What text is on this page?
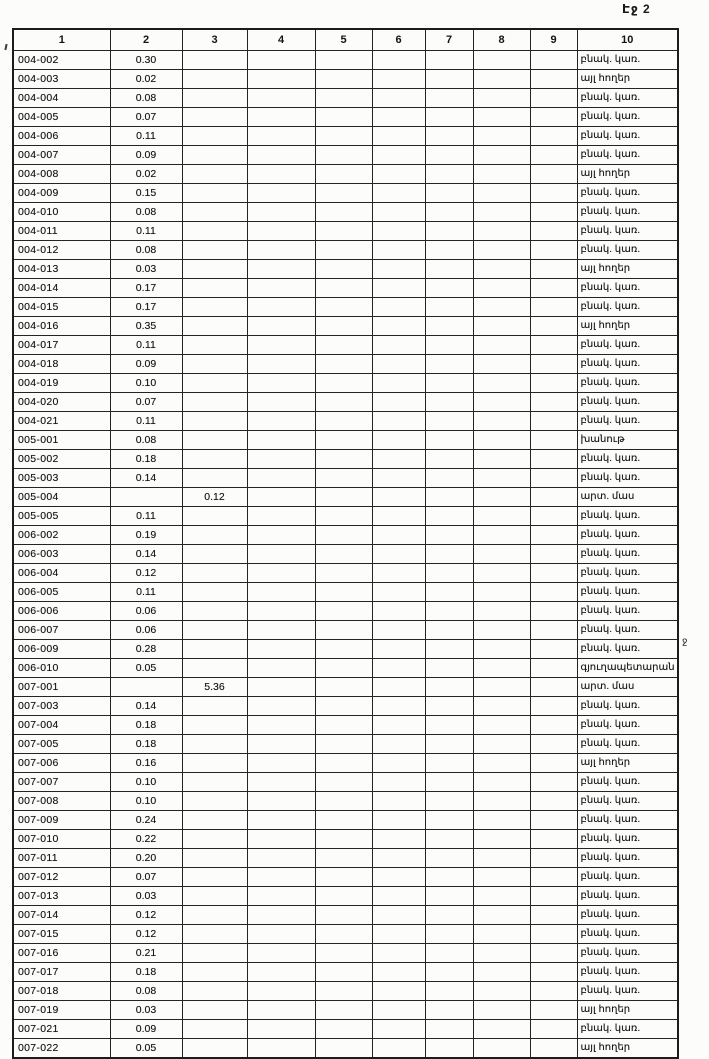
Էջ 2
1	2	3	4	5	6	7	8	9	10
004-002	0.30								բնակ. կառ.
004-003	0.02								այլ հողեր
004-004	0.08								բնակ. կառ.
004-005	0.07								բնակ. կառ.
004-006	0.11								բնակ. կառ.
004-007	0.09								բնակ. կառ.
004-008	0.02								այլ հողեր
004-009	0.15								բնակ. կառ.
004-010	0.08								բնակ. կառ.
004-011	0.11								բնակ. կառ.
004-012	0.08								բնակ. կառ.
004-013	0.03								այլ հողեր
004-014	0.17								բնակ. կառ.
004-015	0.17								բնակ. կառ.
004-016	0.35								այլ հողեր
004-017	0.11								բնակ. կառ.
004-018	0.09								բնակ. կառ.
004-019	0.10								բնակ. կառ.
004-020	0.07								բնակ. կառ.
004-021	0.11								բնակ. կառ.
005-001	0.08								խանութ
005-002	0.18								բնակ. կառ.
005-003	0.14								բնակ. կառ.
005-004		0.12							արտ. մաս
005-005	0.11								բնակ. կառ.
006-002	0.19								բնակ. կառ.
006-003	0.14								բնակ. կառ.
006-004	0.12								բնակ. կառ.
006-005	0.11								բնակ. կառ.
006-006	0.06								բնակ. կառ.
006-007	0.06								բնակ. կառ.
006-009	0.28								բնակ. կառ.
006-010	0.05								գյուղապետարան
007-001		5.36							արտ. մաս
007-003	0.14								բնակ. կառ.
007-004	0.18								բնակ. կառ.
007-005	0.18								բնակ. կառ.
007-006	0.16								այլ հողեր
007-007	0.10								բնակ. կառ.
007-008	0.10								բնակ. կառ.
007-009	0.24								բնակ. կառ.
007-010	0.22								բնակ. կառ.
007-011	0.20								բնակ. կառ.
007-012	0.07								բնակ. կառ.
007-013	0.03								բնակ. կառ.
007-014	0.12								բնակ. կառ.
007-015	0.12								բնակ. կառ.
007-016	0.21								բնակ. կառ.
007-017	0.18								բնակ. կառ.
007-018	0.08								բնակ. կառ.
007-019	0.03								այլ հողեր
007-021	0.09								բնակ. կառ.
007-022	0.05								այլ հողեր
ջ
